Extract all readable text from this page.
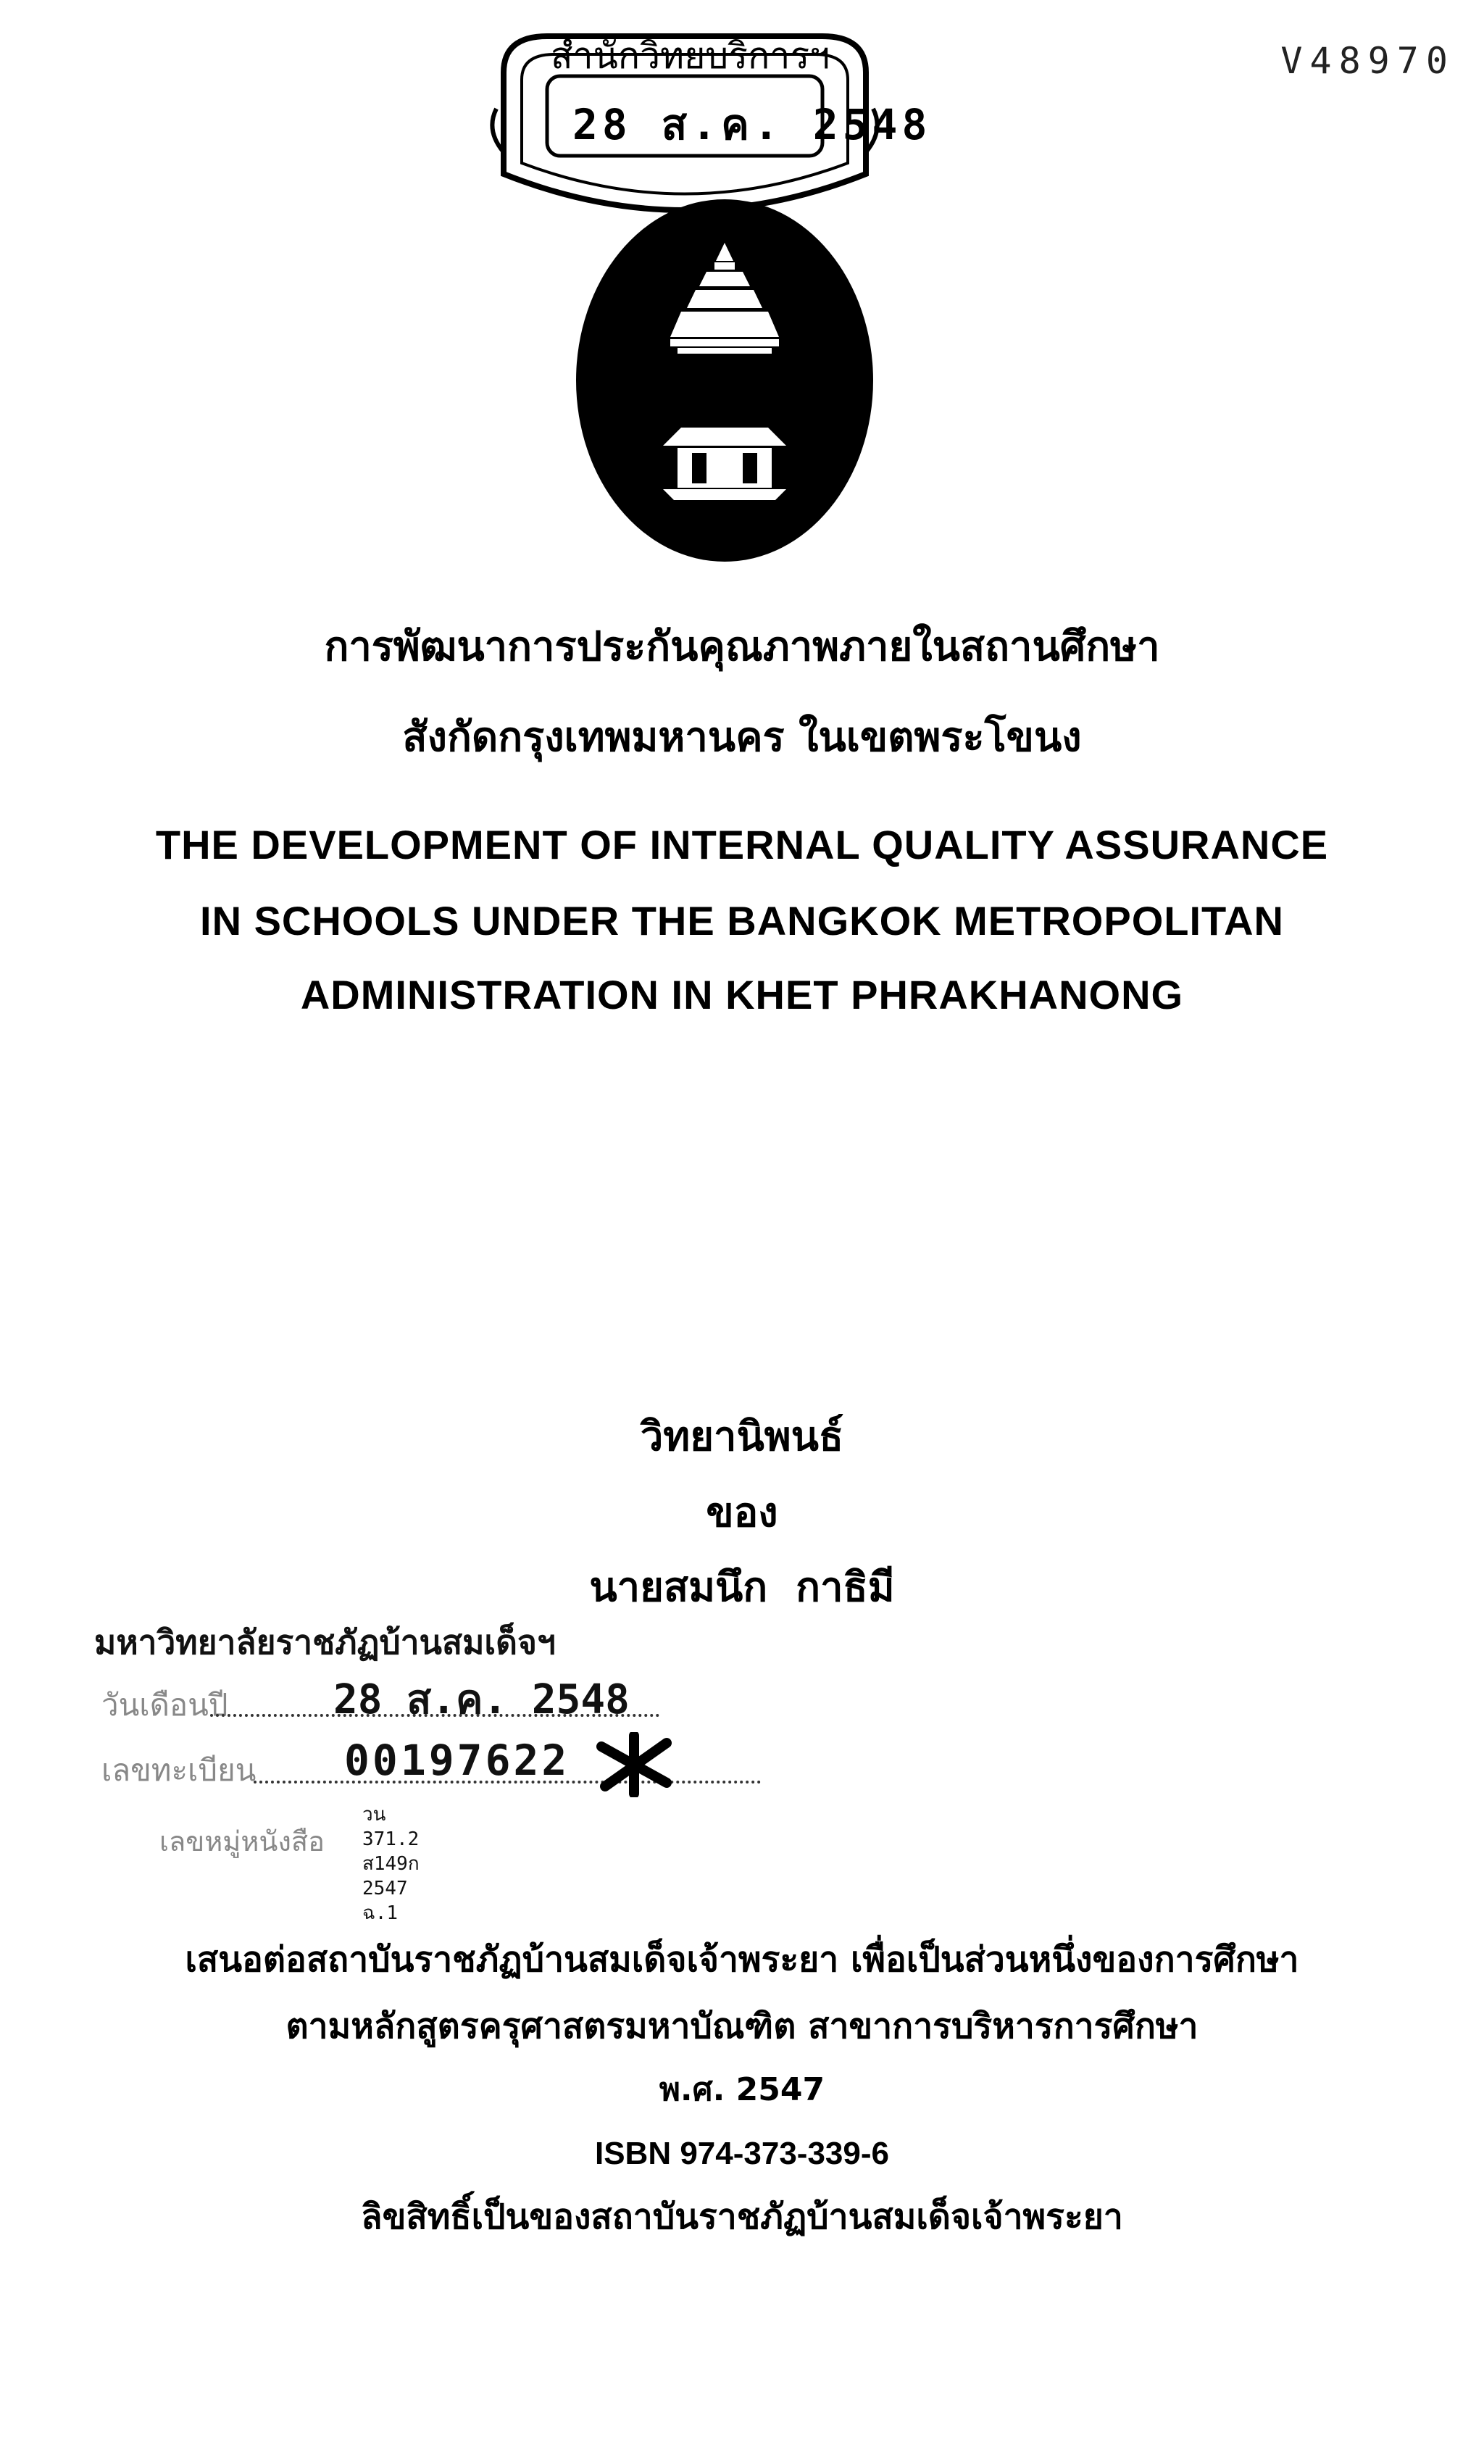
V48970
สำนักวิทยบริการฯ
28 ส.ค. 2548
การพัฒนาการประกันคุณภาพภายในสถานศึกษา
สังกัดกรุงเทพมหานคร ในเขตพระโขนง
THE DEVELOPMENT OF INTERNAL QUALITY ASSURANCE
IN SCHOOLS UNDER THE BANGKOK METROPOLITAN
ADMINISTRATION IN KHET PHRAKHANONG
วิทยานิพนธ์
ของ
นายสมนึก  กาธิมี
มหาวิทยาลัยราชภัฏบ้านสมเด็จฯ
วันเดือนปี	28 ส.ค. 2548
เลขทะเบียน 00197622
เลขหมู่หนังสือ
วน
371.2
ส149ก
2547
ฉ.1
เสนอต่อสถาบันราชภัฏบ้านสมเด็จเจ้าพระยา เพื่อเป็นส่วนหนึ่งของการศึกษา
ตามหลักสูตรครุศาสตรมหาบัณฑิต สาขาการบริหารการศึกษา
พ.ศ. 2547
ISBN 974-373-339-6
ลิขสิทธิ์เป็นของสถาบันราชภัฏบ้านสมเด็จเจ้าพระยา
